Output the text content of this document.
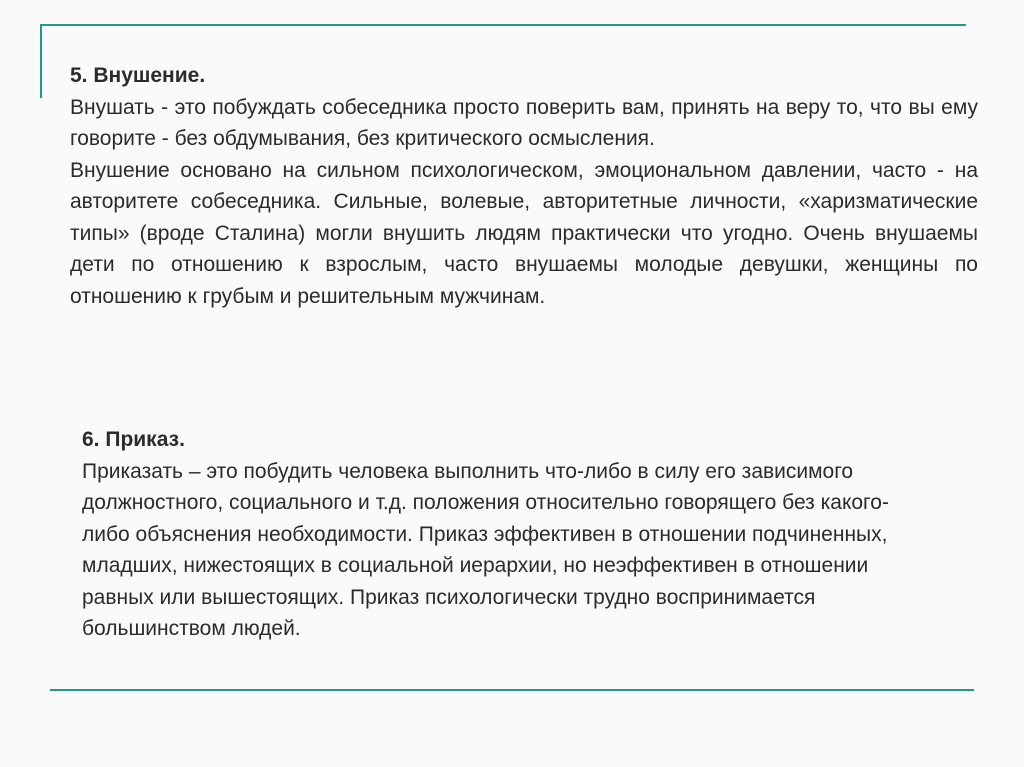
5. Внушение.

Внушать - это побуждать собеседника просто поверить вам, принять на веру то, что вы ему говорите - без обдумывания, без критического осмысления.

Внушение основано на сильном психологическом, эмоциональном давлении, часто - на авторитете собеседника. Сильные, волевые, авторитетные личности, «харизматические типы» (вроде Сталина) могли внушить людям практически что угодно. Очень внушаемы дети по отношению к взрослым, часто внушаемы молодые девушки, женщины по отношению к грубым и решительным мужчинам.

6. Приказ.

Приказать – это побудить человека выполнить что-либо в силу его зависимого должностного, социального и т.д. положения относительно говорящего без какого-либо объяснения необходимости. Приказ эффективен в отношении подчиненных, младших, нижестоящих в социальной иерархии, но неэффективен в отношении равных или вышестоящих. Приказ психологически трудно воспринимается большинством людей.
